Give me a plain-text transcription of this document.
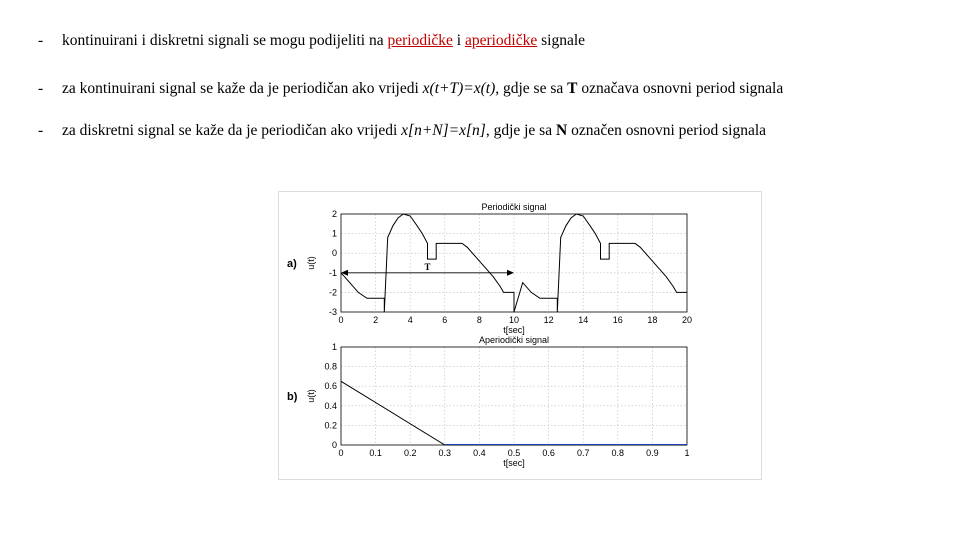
- kontinuirani i diskretni signali se mogu podijeliti na periodičke i aperiodičke signale
- za kontinuirani signal se kaže da je periodičan ako vrijedi x(t+T)=x(t), gdje se sa T označava osnovni period signala
- za diskretni signal se kaže da je periodičan ako vrijedi x[n+N]=x[n], gdje je sa N označen osnovni period signala
0	2	4	6	8	10	12	14	16	18	20
-3
-2
-1
0
1
2
Periodički signal
t[sec]
u(t)
a)	T
0	0.1 0.2 0.3 0.4 0.5 0.6 0.7 0.8 0.9	1
0
0.2
0.4
0.6
0.8
1
Aperiodički signal
t[sec]
u(t)
b)
